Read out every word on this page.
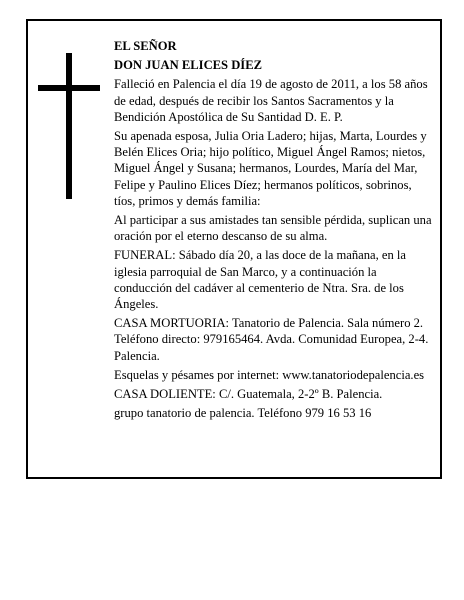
EL SEÑOR

DON JUAN ELICES DÍEZ

Falleció en Palencia el día 19 de agosto de 2011, a los 58 años de edad, después de recibir los Santos Sacramentos y la Bendición Apostólica de Su Santidad D. E. P.

Su apenada esposa, Julia Oria Ladero; hijas, Marta, Lourdes y Belén Elices Oria; hijo político, Miguel Ángel Ramos; nietos, Miguel Ángel y Susana; hermanos, Lourdes, María del Mar, Felipe y Paulino Elices Díez; hermanos políticos, sobrinos, tíos, primos y demás familia:

Al participar a sus amistades tan sensible pérdida, suplican una oración por el eterno descanso de su alma.

FUNERAL: Sábado día 20, a las doce de la mañana, en la iglesia parroquial de San Marco, y a continuación la conducción del cadáver al cementerio de Ntra. Sra. de los Ángeles.

CASA MORTUORIA: Tanatorio de Palencia. Sala número 2. Teléfono directo: 979165464. Avda. Comunidad Europea, 2-4. Palencia.

Esquelas y pésames por internet: www.tanatoriodepalencia.es

CASA DOLIENTE: C/. Guatemala, 2-2º B. Palencia.

grupo tanatorio de palencia. Teléfono 979 16 53 16
